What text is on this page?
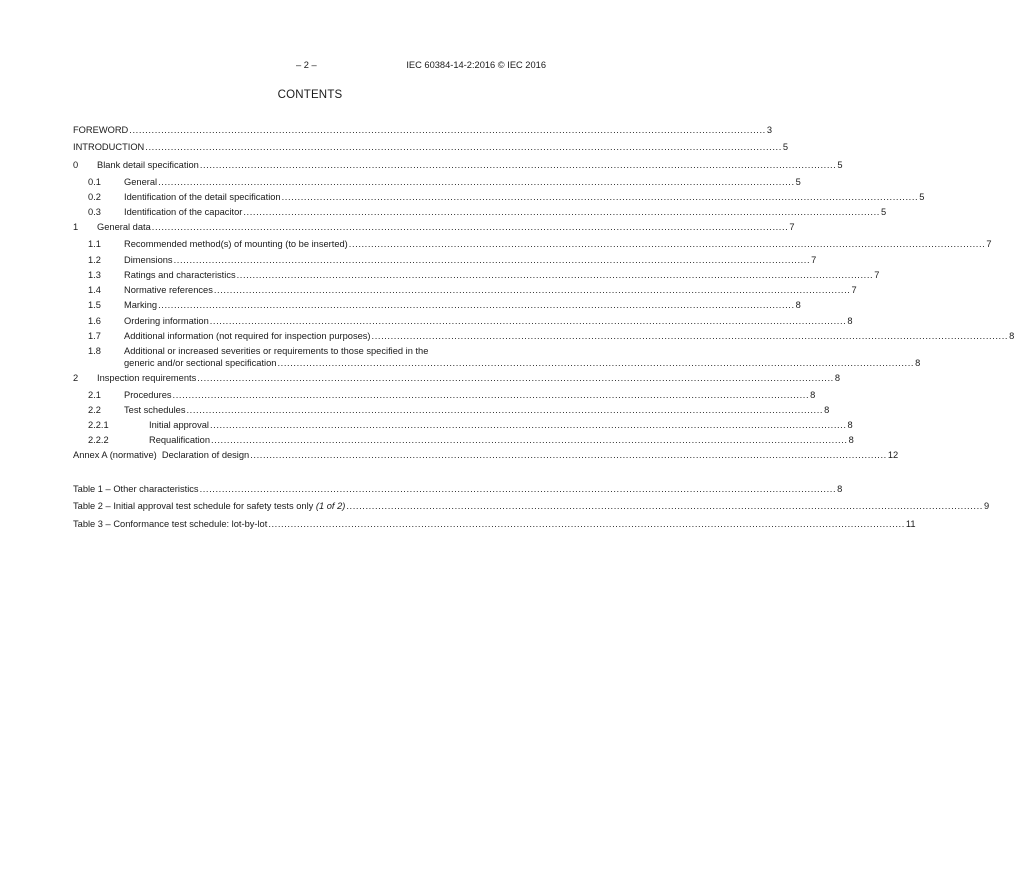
– 2 –	IEC 60384-14-2:2016 © IEC 2016
CONTENTS
FOREWORD ........................................................................................................................................................................................................ 3
INTRODUCTION ........................................................................................................................................................................................................ 5
0	Blank detail specification ........................................................................................................................................................................................................ 5
0.1	General ........................................................................................................................................................................................................ 5
0.2	Identification of the detail specification ........................................................................................................................................................................................................ 5
0.3	Identification of the capacitor ........................................................................................................................................................................................................ 5
1	General data ........................................................................................................................................................................................................ 7
1.1	Recommended method(s) of mounting (to be inserted) ........................................................................................................................................................................................................ 7
1.2	Dimensions ........................................................................................................................................................................................................ 7
1.3	Ratings and characteristics ........................................................................................................................................................................................................ 7
1.4	Normative references ........................................................................................................................................................................................................ 7
1.5	Marking ........................................................................................................................................................................................................ 8
1.6	Ordering information ........................................................................................................................................................................................................ 8
1.7	Additional information (not required for inspection purposes) ........................................................................................................................................................................................................ 8
1.8	Additional or increased severities or requirements to those specified in the
generic and/or sectional specification ........................................................................................................................................................................................................ 8
2	Inspection requirements ........................................................................................................................................................................................................ 8
2.1	Procedures ........................................................................................................................................................................................................ 8
2.2	Test schedules ........................................................................................................................................................................................................ 8
2.2.1	Initial approval ........................................................................................................................................................................................................ 8
2.2.2	Requalification ........................................................................................................................................................................................................ 8
Annex A (normative)  Declaration of design ........................................................................................................................................................................................................ 12
Table 1 – Other characteristics ........................................................................................................................................................................................................ 8
Table 2 – Initial approval test schedule for safety tests only (1 of 2) ........................................................................................................................................................................................................ 9
Table 3 – Conformance test schedule: lot-by-lot ........................................................................................................................................................................................................ 11
